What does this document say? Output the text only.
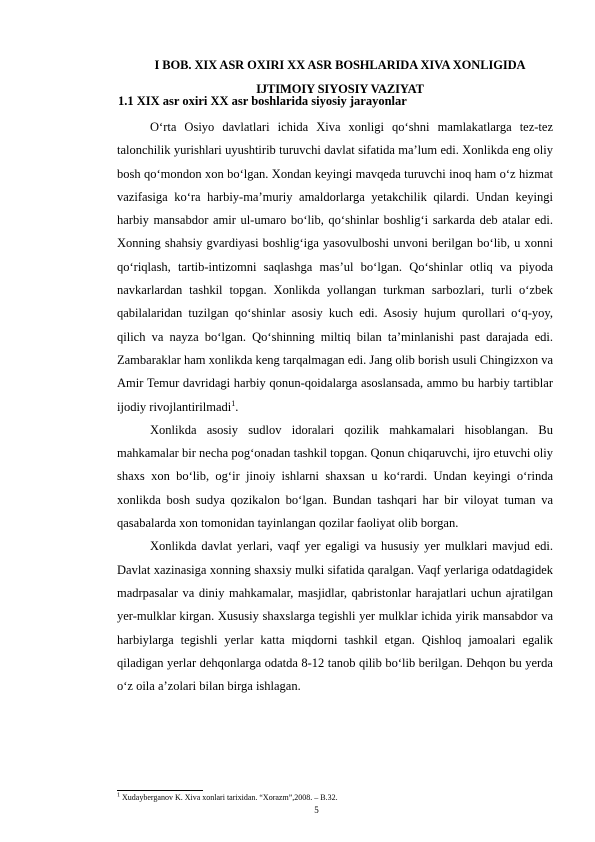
I BOB. XIX ASR OXIRI XX ASR BOSHLARIDA XIVA XONLIGIDA
IJTIMOIY SIYOSIY VAZIYAT
1.1 XIX asr oxiri XX asr boshlarida siyosiy jarayonlar

O‘rta Osiyo davlatlari ichida Xiva xonligi qo‘shni mamlakatlarga tez-tez talonchilik yurishlari uyushtirib turuvchi davlat sifatida ma’lum edi. Xonlikda eng oliy bosh qo‘mondon xon bo‘lgan. Xondan keyingi mavqeda turuvchi inoq ham o‘z hizmat vazifasiga ko‘ra harbiy-ma’muriy amaldorlarga yetakchilik qilardi. Undan keyingi harbiy mansabdor amir ul-umaro bo‘lib, qo‘shinlar boshlig‘i sarkarda deb atalar edi. Xonning shahsiy gvardiyasi boshlig‘iga yasovulboshi unvoni berilgan bo‘lib, u xonni qo‘riqlash, tartib-intizomni saqlashga mas’ul bo‘lgan. Qo‘shinlar otliq va piyoda navkarlardan tashkil topgan. Xonlikda yollangan turkman sarbozlari, turli o‘zbek qabilalaridan tuzilgan qo‘shinlar asosiy kuch edi. Asosiy hujum qurollari o‘q-yoy, qilich va nayza bo‘lgan. Qo‘shinning miltiq bilan ta’minlanishi past darajada edi. Zambaraklar ham xonlikda keng tarqalmagan edi. Jang olib borish usuli Chingizxon va Amir Temur davridagi harbiy qonun-qoidalarga asoslansada, ammo bu harbiy tartiblar ijodiy rivojlantirilmadi$^1$.

Xonlikda asosiy sudlov idoralari qozilik mahkamalari hisoblangan. Bu mahkamalar bir necha pog‘onadan tashkil topgan. Qonun chiqaruvchi, ijro etuvchi oliy shaxs xon bo‘lib, og‘ir jinoiy ishlarni shaxsan u ko‘rardi. Undan keyingi o‘rinda xonlikda bosh sudya qozikalon bo‘lgan. Bundan tashqari har bir viloyat tuman va qasabalarda xon tomonidan tayinlangan qozilar faoliyat olib borgan.

Xonlikda davlat yerlari, vaqf yer egaligi va hususiy yer mulklari mavjud edi. Davlat xazinasiga xonning shaxsiy mulki sifatida qaralgan. Vaqf yerlariga odatdagidek madrpasalar va diniy mahkamalar, masjidlar, qabristonlar harajatlari uchun ajratilgan yer-mulklar kirgan. Xususiy shaxslarga tegishli yer mulklar ichida yirik mansabdor va harbiylarga tegishli yerlar katta miqdorni tashkil etgan. Qishloq jamoalari egalik qiladigan yerlar dehqonlarga odatda 8-12 tanob qilib bo‘lib berilgan. Dehqon bu yerda o‘z oila a’zolari bilan birga ishlagan.

$^1$ Xudayberganov K. Xiva xonlari tarixidan. “Xorazm”,2008. – B.32.
5
